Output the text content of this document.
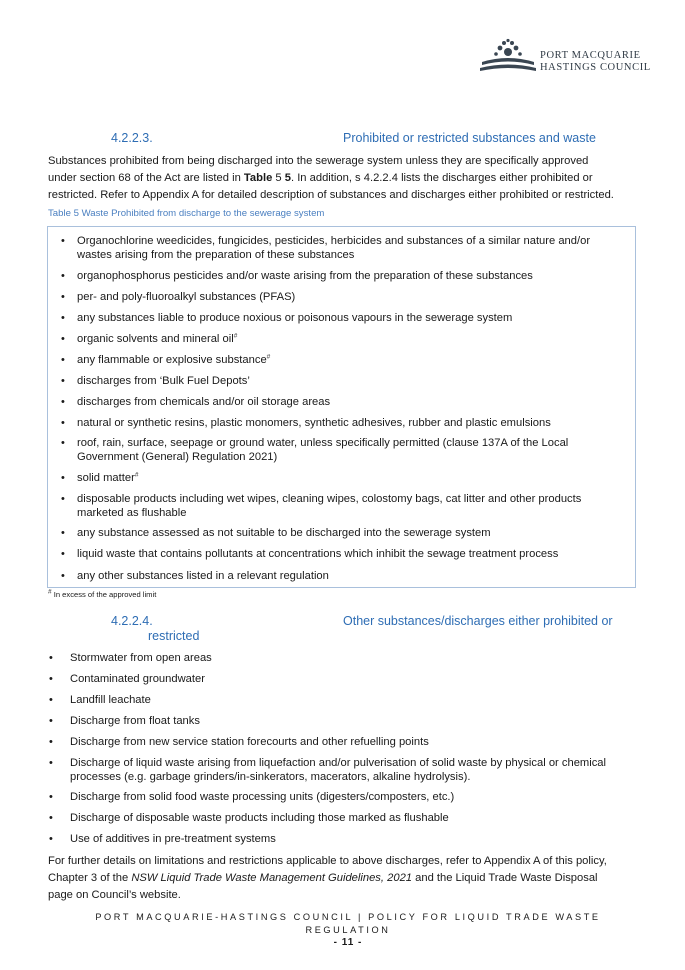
PORT MACQUARIE
HASTINGS COUNCIL
4.2.2.3.	Prohibited or restricted substances and waste
Substances prohibited from being discharged into the sewerage system unless they are specifically approved
under section 68 of the Act are listed in Table 5 5. In addition, s 4.2.2.4 lists the discharges either prohibited or
restricted. Refer to Appendix A for detailed description of substances and discharges either prohibited or restricted.
Table 5 Waste Prohibited from discharge to the sewerage system
• Organochlorine weedicides, fungicides, pesticides, herbicides and substances of a similar nature and/or
wastes arising from the preparation of these substances
• organophosphorus pesticides and/or waste arising from the preparation of these substances
• per- and poly-fluoroalkyl substances (PFAS)
• any substances liable to produce noxious or poisonous vapours in the sewerage system
• organic solvents and mineral oil#
• any flammable or explosive substance#
• discharges from ‘Bulk Fuel Depots’
• discharges from chemicals and/or oil storage areas
• natural or synthetic resins, plastic monomers, synthetic adhesives, rubber and plastic emulsions
• roof, rain, surface, seepage or ground water, unless specifically permitted (clause 137A of the Local
Government (General) Regulation 2021)
• solid matter#
• disposable products including wet wipes, cleaning wipes, colostomy bags, cat litter and other products
marketed as flushable
• any substance assessed as not suitable to be discharged into the sewerage system
• liquid waste that contains pollutants at concentrations which inhibit the sewage treatment process
• any other substances listed in a relevant regulation
# In excess of the approved limit
4.2.2.4.	Other substances/discharges either prohibited or
restricted
• Stormwater from open areas
• Contaminated groundwater
• Landfill leachate
• Discharge from float tanks
• Discharge from new service station forecourts and other refuelling points
• Discharge of liquid waste arising from liquefaction and/or pulverisation of solid waste by physical or chemical
processes (e.g. garbage grinders/in-sinkerators, macerators, alkaline hydrolysis).
• Discharge from solid food waste processing units (digesters/composters, etc.)
• Discharge of disposable waste products including those marked as flushable
• Use of additives in pre-treatment systems
For further details on limitations and restrictions applicable to above discharges, refer to Appendix A of this policy,
Chapter 3 of the NSW Liquid Trade Waste Management Guidelines, 2021 and the Liquid Trade Waste Disposal
page on Council’s website.
PORT MACQUARIE-HASTINGS COUNCIL | POLICY FOR LIQUID TRADE WASTE
REGULATION
- 11 -
